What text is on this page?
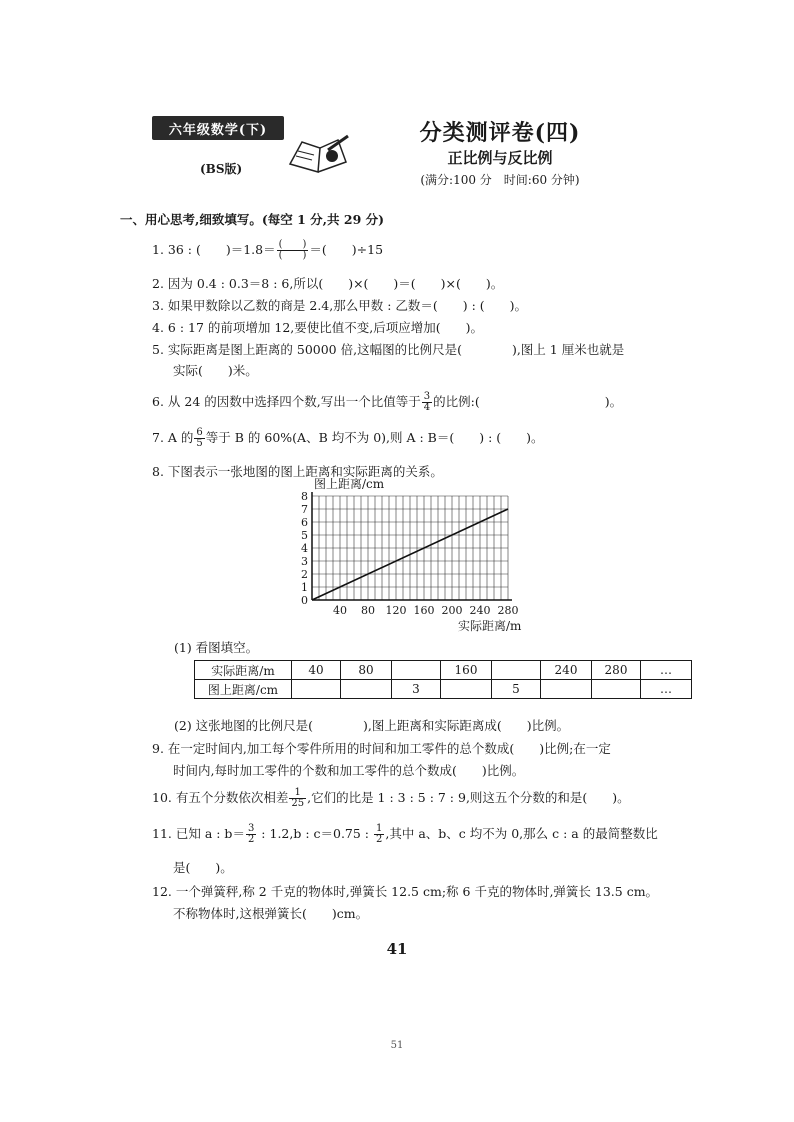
六年级数学(下)
(BS版)
分类测评卷(四)
正比例与反比例
(满分:100 分　时间:60 分钟)
一、用心思考,细致填写。(每空 1 分,共 29 分)
1. 36 : (　　)$=1.8= \frac{( )}{( )}$ ＝(　　)÷15
2. 因为 0.4 : 0.3＝8 : 6,所以(　　)×(　　)＝(　　)×(　　)。
3. 如果甲数除以乙数的商是 2.4,那么甲数 : 乙数＝(　　) : (　　)。
4. 6 : 17 的前项增加 12,要使比值不变,后项应增加(　　)。
5. 实际距离是图上距离的 50000 倍,这幅图的比例尺是(　　　　),图上 1 厘米也就是
实际(　　)米。
6. 从 24 的因数中选择四个数,写出一个比值等于 $\frac{3}{4}$ 的比例:(　　　　　　　　　　)。
7. A 的 $\frac{6}{5}$ 等于 B 的 60%(A、B 均不为 0),则 A : B＝(　　) : (　　)。
8. 下图表示一张地图的图上距离和实际距离的关系。
0
1
2
3
4
5
6
7
8
40 80 120 160 200 240 280
图上距离/cm
实际距离/m
(1) 看图填空。
实际距离/m	40	80		160		240	280	…
图上距离/cm			3		5			…
(2) 这张地图的比例尺是(　　　　),图上距离和实际距离成(　　)比例。
9. 在一定时间内,加工每个零件所用的时间和加工零件的总个数成(　　)比例;在一定
时间内,每时加工零件的个数和加工零件的总个数成(　　)比例。
10. 有五个分数依次相差 $\frac{1}{25}$ ,它们的比是 1 : 3 : 5 : 7 : 9,则这五个分数的和是(　　)。
11. 已知 a : $b= \frac{3}{2}$ : 1.2,b : c＝0.75 : $\frac{1}{2}$ ,其中 a、b、c 均不为 0,那么 c : a 的最简整数比
是(　　)。
12. 一个弹簧秤,称 2 千克的物体时,弹簧长 12.5 cm;称 6 千克的物体时,弹簧长 13.5 cm。
不称物体时,这根弹簧长(　　)cm。
41
51
